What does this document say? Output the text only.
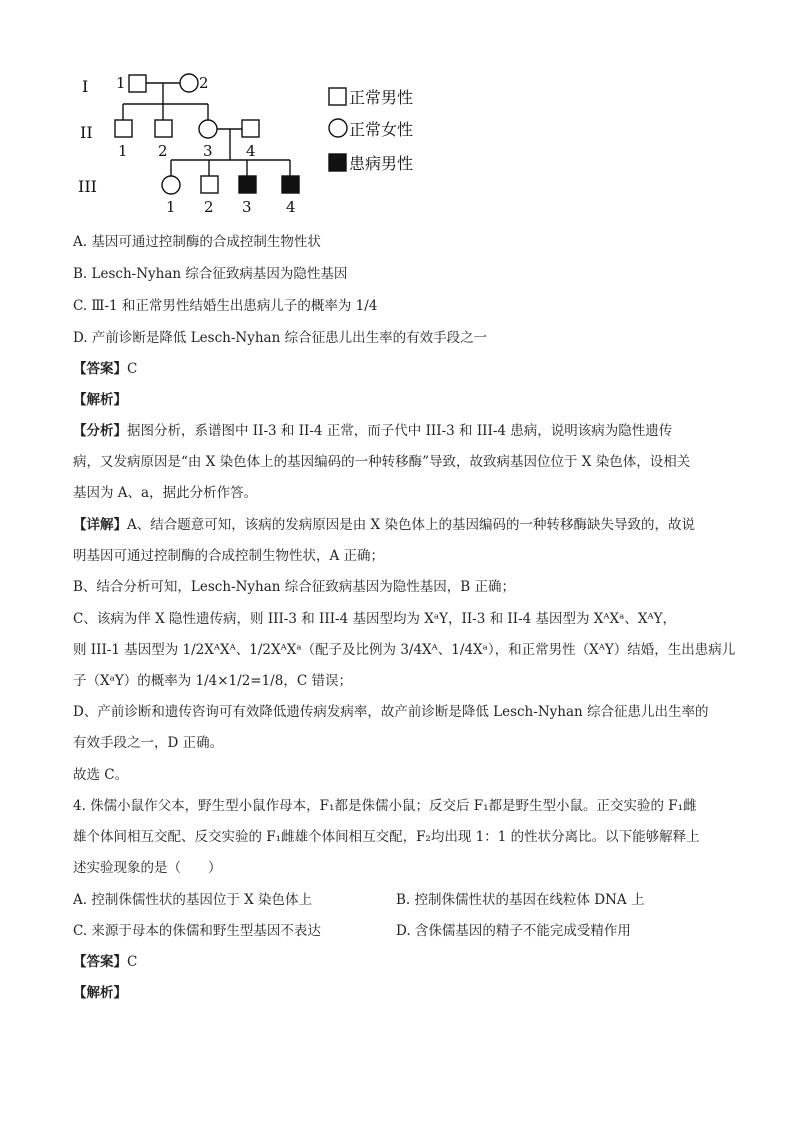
I
II
III
1	2
1 2 3 4
1 2 3 4
正常男性
正常女性
患病男性
A. 基因可通过控制酶的合成控制生物性状
B. Lesch-Nyhan 综合征致病基因为隐性基因
C. Ⅲ-1 和正常男性结婚生出患病儿子的概率为 1/4
D. 产前诊断是降低 Lesch-Nyhan 综合征患儿出生率的有效手段之一
【答案】C
【解析】
【分析】据图分析，系谱图中 II-3 和 II-4 正常，而子代中 III-3 和 III-4 患病，说明该病为隐性遗传
病，又发病原因是“由 X 染色体上的基因编码的一种转移酶”导致，故致病基因位位于 X 染色体，设相关
基因为 A、a，据此分析作答。
【详解】A、结合题意可知，该病的发病原因是由 X 染色体上的基因编码的一种转移酶缺失导致的，故说
明基因可通过控制酶的合成控制生物性状，A 正确；
B、结合分析可知，Lesch-Nyhan 综合征致病基因为隐性基因，B 正确；
C、该病为伴 X 隐性遗传病，则 III-3 和 III-4 基因型均为 XᵃY，II-3 和 II-4 基因型为 XᴬXᵃ、XᴬY，
则 III-1 基因型为 1/2XᴬXᴬ、1/2XᴬXᵃ（配子及比例为 3/4Xᴬ、1/4Xᵃ），和正常男性（XᴬY）结婚，生出患病儿
子（XᵃY）的概率为 1/4×1/2=1/8，C 错误；
D、产前诊断和遗传咨询可有效降低遗传病发病率，故产前诊断是降低 Lesch-Nyhan 综合征患儿出生率的
有效手段之一，D 正确。
故选 C。
4. 侏儒小鼠作父本，野生型小鼠作母本，F₁都是侏儒小鼠；反交后 F₁都是野生型小鼠。正交实验的 F₁雌
雄个体间相互交配、反交实验的 F₁雌雄个体间相互交配，F₂均出现 1：1 的性状分离比。以下能够解释上
述实验现象的是（　　）
A. 控制侏儒性状的基因位于 X 染色体上	B. 控制侏儒性状的基因在线粒体 DNA 上
C. 来源于母本的侏儒和野生型基因不表达	D. 含侏儒基因的精子不能完成受精作用
【答案】C
【解析】
